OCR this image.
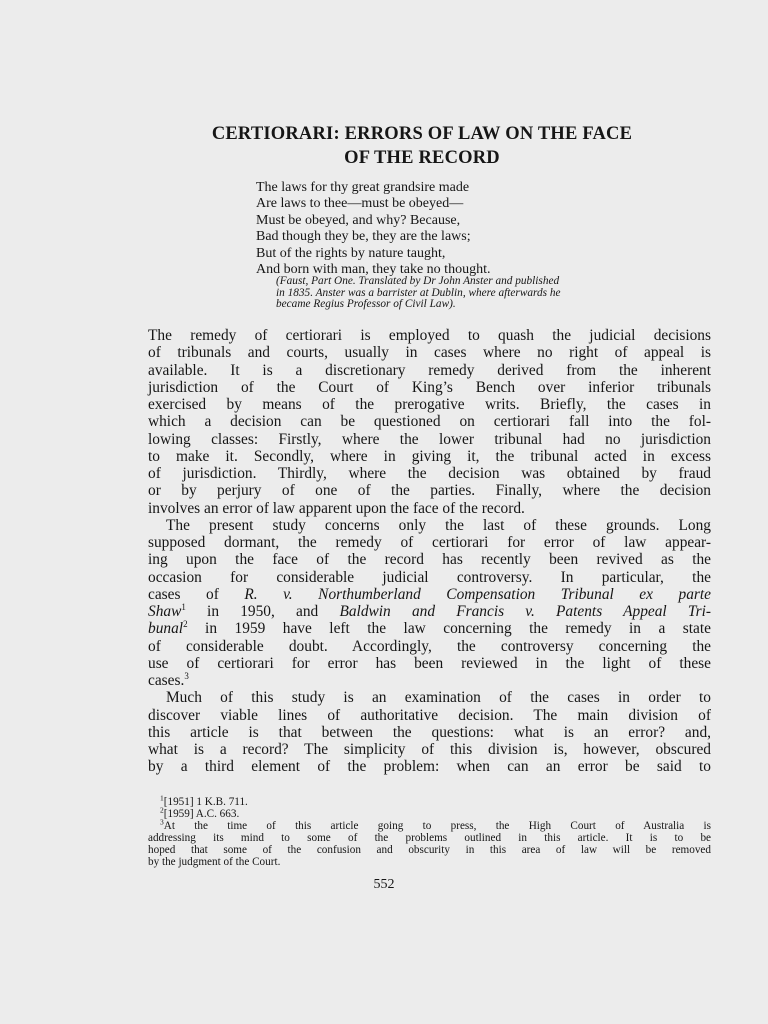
CERTIORARI: ERRORS OF LAW ON THE FACE
OF THE RECORD
The laws for thy great grandsire made
Are laws to thee—must be obeyed—
Must be obeyed, and why? Because,
Bad though they be, they are the laws;
But of the rights by nature taught,
And born with man, they take no thought.
(Faust, Part One. Translated by Dr John Anster and published
in 1835. Anster was a barrister at Dublin, where afterwards he
became Regius Professor of Civil Law).
The remedy of certiorari is employed to quash the judicial decisions
of tribunals and courts, usually in cases where no right of appeal is
available. It is a discretionary remedy derived from the inherent
jurisdiction of the Court of King’s Bench over inferior tribunals
exercised by means of the prerogative writs. Briefly, the cases in
which a decision can be questioned on certiorari fall into the fol-
lowing classes: Firstly, where the lower tribunal had no jurisdiction
to make it. Secondly, where in giving it, the tribunal acted in excess
of jurisdiction. Thirdly, where the decision was obtained by fraud
or by perjury of one of the parties. Finally, where the decision
involves an error of law apparent upon the face of the record.
The present study concerns only the last of these grounds. Long
supposed dormant, the remedy of certiorari for error of law appear-
ing upon the face of the record has recently been revived as the
occasion for considerable judicial controversy. In particular, the
cases of R. v. Northumberland Compensation Tribunal ex parte
Shaw$^1$ in 1950, and Baldwin and Francis v. Patents Appeal Tri-
bunal$^2$ in 1959 have left the law concerning the remedy in a state
of considerable doubt. Accordingly, the controversy concerning the
use of certiorari for error has been reviewed in the light of these
cases.$^3$
Much of this study is an examination of the cases in order to
discover viable lines of authoritative decision. The main division of
this article is that between the questions: what is an error? and,
what is a record? The simplicity of this division is, however, obscured
by a third element of the problem: when can an error be said to
$^1$[1951] 1 K.B. 711.
$^2$[1959] A.C. 663.
$^3$At the time of this article going to press, the High Court of Australia is
addressing its mind to some of the problems outlined in this article. It is to be
hoped that some of the confusion and obscurity in this area of law will be removed
by the judgment of the Court.
552
